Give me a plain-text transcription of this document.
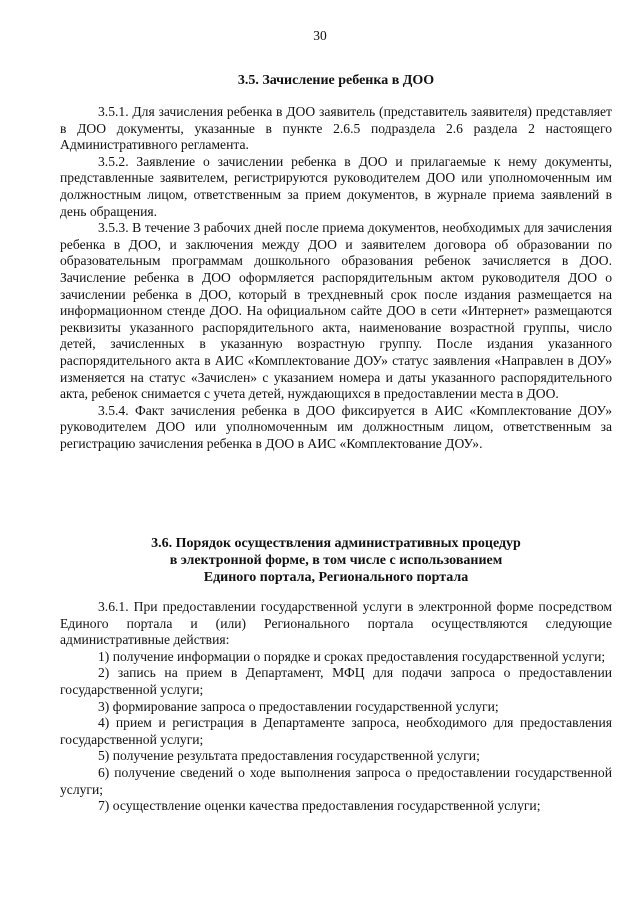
30
3.5. Зачисление ребенка в ДОО

3.5.1. Для зачисления ребенка в ДОО заявитель (представитель заявителя) представляет в ДОО документы, указанные в пункте 2.6.5 подраздела 2.6 раздела 2 настоящего Административного регламента.

3.5.2. Заявление о зачислении ребенка в ДОО и прилагаемые к нему документы, представленные заявителем, регистрируются руководителем ДОО или уполномоченным им должностным лицом, ответственным за прием документов, в журнале приема заявлений в день обращения.

3.5.3. В течение 3 рабочих дней после приема документов, необходимых для зачисления ребенка в ДОО, и заключения между ДОО и заявителем договора об образовании по образовательным программам дошкольного образования ребенок зачисляется в ДОО. Зачисление ребенка в ДОО оформляется распорядительным актом руководителя ДОО о зачислении ребенка в ДОО, который в трехдневный срок после издания размещается на информационном стенде ДОО. На официальном сайте ДОО в сети «Интернет» размещаются реквизиты указанного распорядительного акта, наименование возрастной группы, число детей, зачисленных в указанную возрастную группу. После издания указанного распорядительного акта в АИС «Комплектование ДОУ» статус заявления «Направлен в ДОУ» изменяется на статус «Зачислен» с указанием номера и даты указанного распорядительного акта, ребенок снимается с учета детей, нуждающихся в предоставлении места в ДОО.

3.5.4. Факт зачисления ребенка в ДОО фиксируется в АИС «Комплектование ДОУ» руководителем ДОО или уполномоченным им должностным лицом, ответственным за регистрацию зачисления ребенка в ДОО в АИС «Комплектование ДОУ».

3.6. Порядок осуществления административных процедур
в электронной форме, в том числе с использованием
Единого портала, Регионального портала

3.6.1. При предоставлении государственной услуги в электронной форме посредством Единого портала и (или) Регионального портала осуществляются следующие административные действия:

1) получение информации о порядке и сроках предоставления государственной услуги;

2) запись на прием в Департамент, МФЦ для подачи запроса о предоставлении государственной услуги;

3) формирование запроса о предоставлении государственной услуги;

4) прием и регистрация в Департаменте запроса, необходимого для предоставления государственной услуги;

5) получение результата предоставления государственной услуги;

6) получение сведений о ходе выполнения запроса о предоставлении государственной услуги;

7) осуществление оценки качества предоставления государственной услуги;
